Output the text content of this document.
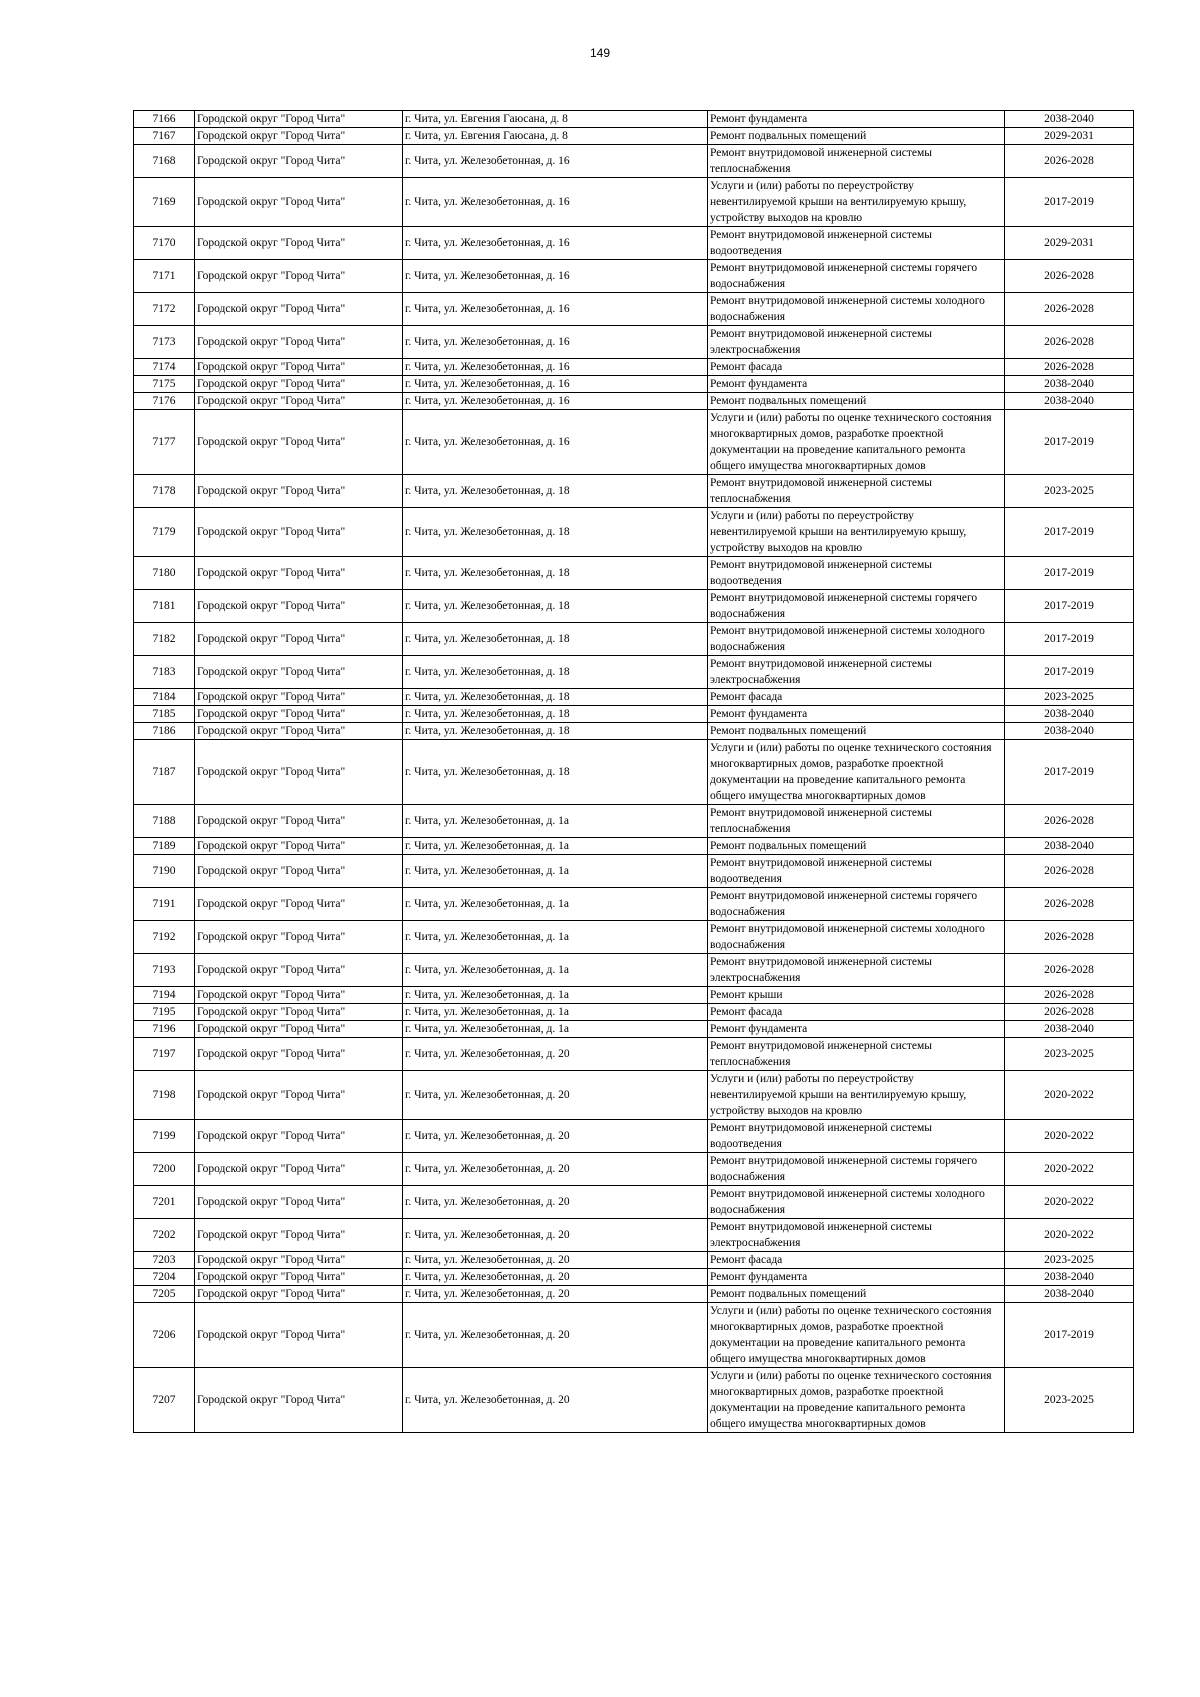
149
7166	Городской округ "Город Чита"	г. Чита, ул. Евгения Гаюсана, д. 8	Ремонт фундамента	2038-2040
7167	Городской округ "Город Чита"	г. Чита, ул. Евгения Гаюсана, д. 8	Ремонт подвальных помещений	2029-2031
7168	Городской округ "Город Чита"	г. Чита, ул. Железобетонная, д. 16	Ремонт внутридомовой инженерной системы теплоснабжения	2026-2028
7169	Городской округ "Город Чита"	г. Чита, ул. Железобетонная, д. 16	Услуги и (или) работы по переустройству невентилируемой крыши на вентилируемую крышу, устройству выходов на кровлю	2017-2019
7170	Городской округ "Город Чита"	г. Чита, ул. Железобетонная, д. 16	Ремонт внутридомовой инженерной системы водоотведения	2029-2031
7171	Городской округ "Город Чита"	г. Чита, ул. Железобетонная, д. 16	Ремонт внутридомовой инженерной системы горячего водоснабжения	2026-2028
7172	Городской округ "Город Чита"	г. Чита, ул. Железобетонная, д. 16	Ремонт внутридомовой инженерной системы холодного водоснабжения	2026-2028
7173	Городской округ "Город Чита"	г. Чита, ул. Железобетонная, д. 16	Ремонт внутридомовой инженерной системы электроснабжения	2026-2028
7174	Городской округ "Город Чита"	г. Чита, ул. Железобетонная, д. 16	Ремонт фасада	2026-2028
7175	Городской округ "Город Чита"	г. Чита, ул. Железобетонная, д. 16	Ремонт фундамента	2038-2040
7176	Городской округ "Город Чита"	г. Чита, ул. Железобетонная, д. 16	Ремонт подвальных помещений	2038-2040
7177	Городской округ "Город Чита"	г. Чита, ул. Железобетонная, д. 16	Услуги и (или) работы по оценке технического состояния многоквартирных домов, разработке проектной документации на проведение капитального ремонта общего имущества многоквартирных домов	2017-2019
7178	Городской округ "Город Чита"	г. Чита, ул. Железобетонная, д. 18	Ремонт внутридомовой инженерной системы теплоснабжения	2023-2025
7179	Городской округ "Город Чита"	г. Чита, ул. Железобетонная, д. 18	Услуги и (или) работы по переустройству невентилируемой крыши на вентилируемую крышу, устройству выходов на кровлю	2017-2019
7180	Городской округ "Город Чита"	г. Чита, ул. Железобетонная, д. 18	Ремонт внутридомовой инженерной системы водоотведения	2017-2019
7181	Городской округ "Город Чита"	г. Чита, ул. Железобетонная, д. 18	Ремонт внутридомовой инженерной системы горячего водоснабжения	2017-2019
7182	Городской округ "Город Чита"	г. Чита, ул. Железобетонная, д. 18	Ремонт внутридомовой инженерной системы холодного водоснабжения	2017-2019
7183	Городской округ "Город Чита"	г. Чита, ул. Железобетонная, д. 18	Ремонт внутридомовой инженерной системы электроснабжения	2017-2019
7184	Городской округ "Город Чита"	г. Чита, ул. Железобетонная, д. 18	Ремонт фасада	2023-2025
7185	Городской округ "Город Чита"	г. Чита, ул. Железобетонная, д. 18	Ремонт фундамента	2038-2040
7186	Городской округ "Город Чита"	г. Чита, ул. Железобетонная, д. 18	Ремонт подвальных помещений	2038-2040
7187	Городской округ "Город Чита"	г. Чита, ул. Железобетонная, д. 18	Услуги и (или) работы по оценке технического состояния многоквартирных домов, разработке проектной документации на проведение капитального ремонта общего имущества многоквартирных домов	2017-2019
7188	Городской округ "Город Чита"	г. Чита, ул. Железобетонная, д. 1а	Ремонт внутридомовой инженерной системы теплоснабжения	2026-2028
7189	Городской округ "Город Чита"	г. Чита, ул. Железобетонная, д. 1а	Ремонт подвальных помещений	2038-2040
7190	Городской округ "Город Чита"	г. Чита, ул. Железобетонная, д. 1а	Ремонт внутридомовой инженерной системы водоотведения	2026-2028
7191	Городской округ "Город Чита"	г. Чита, ул. Железобетонная, д. 1а	Ремонт внутридомовой инженерной системы горячего водоснабжения	2026-2028
7192	Городской округ "Город Чита"	г. Чита, ул. Железобетонная, д. 1а	Ремонт внутридомовой инженерной системы холодного водоснабжения	2026-2028
7193	Городской округ "Город Чита"	г. Чита, ул. Железобетонная, д. 1а	Ремонт внутридомовой инженерной системы электроснабжения	2026-2028
7194	Городской округ "Город Чита"	г. Чита, ул. Железобетонная, д. 1а	Ремонт крыши	2026-2028
7195	Городской округ "Город Чита"	г. Чита, ул. Железобетонная, д. 1а	Ремонт фасада	2026-2028
7196	Городской округ "Город Чита"	г. Чита, ул. Железобетонная, д. 1а	Ремонт фундамента	2038-2040
7197	Городской округ "Город Чита"	г. Чита, ул. Железобетонная, д. 20	Ремонт внутридомовой инженерной системы теплоснабжения	2023-2025
7198	Городской округ "Город Чита"	г. Чита, ул. Железобетонная, д. 20	Услуги и (или) работы по переустройству невентилируемой крыши на вентилируемую крышу, устройству выходов на кровлю	2020-2022
7199	Городской округ "Город Чита"	г. Чита, ул. Железобетонная, д. 20	Ремонт внутридомовой инженерной системы водоотведения	2020-2022
7200	Городской округ "Город Чита"	г. Чита, ул. Железобетонная, д. 20	Ремонт внутридомовой инженерной системы горячего водоснабжения	2020-2022
7201	Городской округ "Город Чита"	г. Чита, ул. Железобетонная, д. 20	Ремонт внутридомовой инженерной системы холодного водоснабжения	2020-2022
7202	Городской округ "Город Чита"	г. Чита, ул. Железобетонная, д. 20	Ремонт внутридомовой инженерной системы электроснабжения	2020-2022
7203	Городской округ "Город Чита"	г. Чита, ул. Железобетонная, д. 20	Ремонт фасада	2023-2025
7204	Городской округ "Город Чита"	г. Чита, ул. Железобетонная, д. 20	Ремонт фундамента	2038-2040
7205	Городской округ "Город Чита"	г. Чита, ул. Железобетонная, д. 20	Ремонт подвальных помещений	2038-2040
7206	Городской округ "Город Чита"	г. Чита, ул. Железобетонная, д. 20	Услуги и (или) работы по оценке технического состояния многоквартирных домов, разработке проектной документации на проведение капитального ремонта общего имущества многоквартирных домов	2017-2019
7207	Городской округ "Город Чита"	г. Чита, ул. Железобетонная, д. 20	Услуги и (или) работы по оценке технического состояния многоквартирных домов, разработке проектной документации на проведение капитального ремонта общего имущества многоквартирных домов	2023-2025
